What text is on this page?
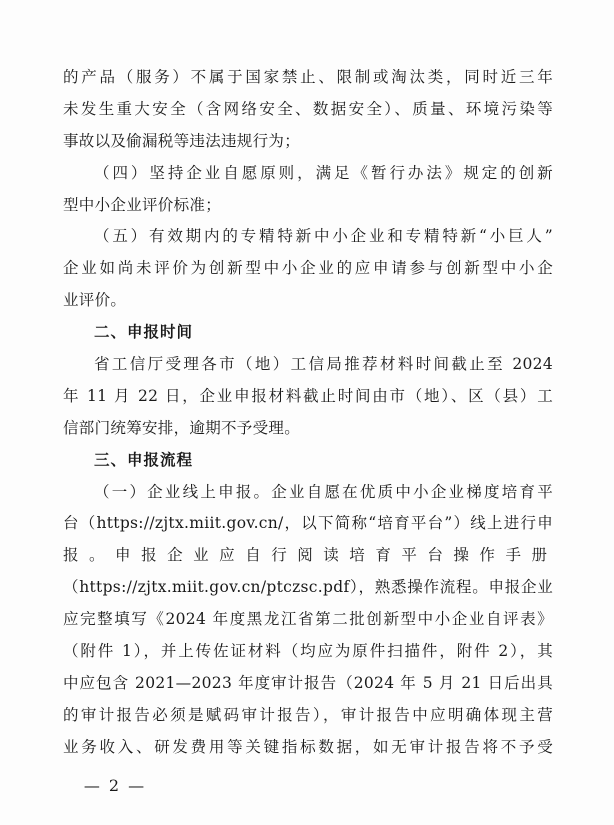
的产品（服务）不属于国家禁止、限制或淘汰类，同时近三年
未发生重大安全（含网络安全、数据安全）、质量、环境污染等
事故以及偷漏税等违法违规行为；
（四）坚持企业自愿原则，满足《暂行办法》规定的创新
型中小企业评价标准；
（五）有效期内的专精特新中小企业和专精特新“小巨人”
企业如尚未评价为创新型中小企业的应申请参与创新型中小企
业评价。
二、申报时间
省工信厅受理各市（地）工信局推荐材料时间截止至 2024
年 11 月 22 日，企业申报材料截止时间由市（地）、区（县）工
信部门统筹安排，逾期不予受理。
三、申报流程
（一）企业线上申报。企业自愿在优质中小企业梯度培育平
台（https://zjtx.miit.gov.cn/，以下简称“培育平台”）线上进行申
报。申报企业应自行阅读培育平台操作手册
（https://zjtx.miit.gov.cn/ptczsc.pdf），熟悉操作流程。申报企业
应完整填写《2024 年度黑龙江省第二批创新型中小企业自评表》
（附件 1），并上传佐证材料（均应为原件扫描件，附件 2），其
中应包含 2021—2023 年度审计报告（2024 年 5 月 21 日后出具
的审计报告必须是赋码审计报告），审计报告中应明确体现主营
业务收入、研发费用等关键指标数据，如无审计报告将不予受
— 2 —
